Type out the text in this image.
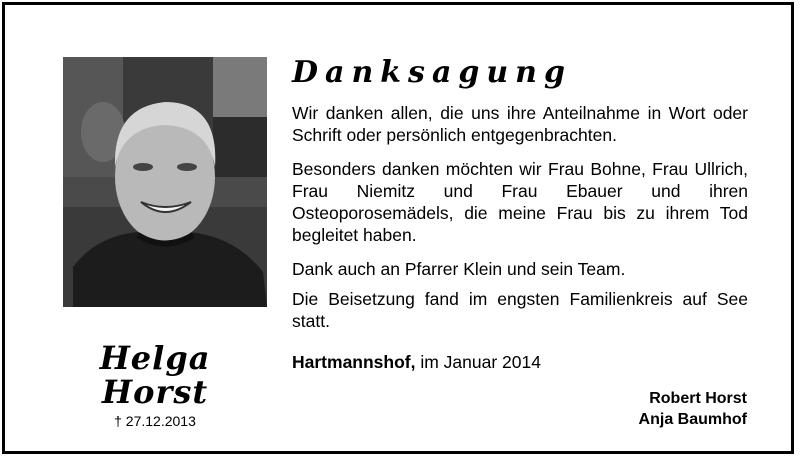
Helga
Horst
† 27.12.2013
Danksagung

Wir danken allen, die uns ihre Anteilnahme in Wort oder Schrift oder persönlich entgegenbrachten.

Besonders danken möchten wir Frau Bohne, Frau Ullrich, Frau Niemitz und Frau Ebauer und ihren Osteoporosemädels, die meine Frau bis zu ihrem Tod begleitet haben.

Dank auch an Pfarrer Klein und sein Team.

Die Beisetzung fand im engsten Familienkreis auf See statt.

Hartmannshof, im Januar 2014
Robert Horst
Anja Baumhof
